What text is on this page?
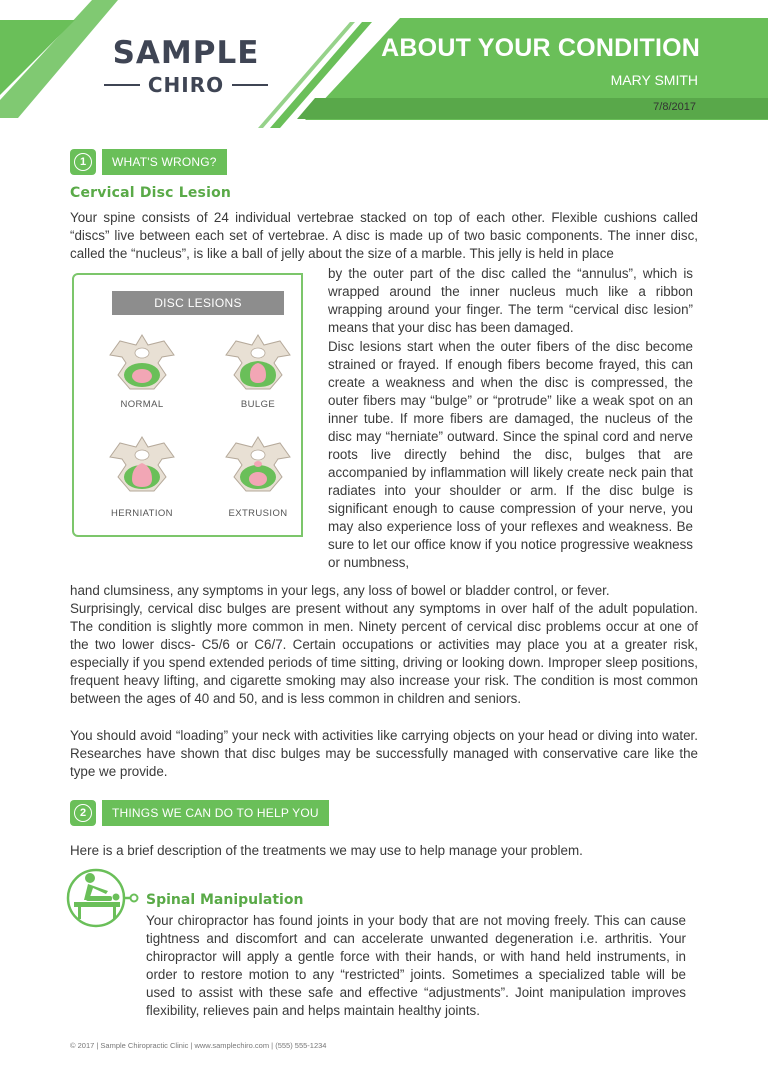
SAMPLE
CHIRO
ABOUT YOUR CONDITION
MARY SMITH
7/8/2017
1	WHAT'S WRONG?
Cervical Disc Lesion
Your spine consists of 24 individual vertebrae stacked on top of each other. Flexible cushions called “discs” live between each set of vertebrae. A disc is made up of two basic components. The inner disc, called the “nucleus”, is like a ball of jelly about the size of a marble. This jelly is held in place
DISC LESIONS
NORMAL	BULGE
HERNIATION	EXTRUSION
by the outer part of the disc called the “annulus”, which is wrapped around the inner nucleus much like a ribbon wrapping around your finger. The term “cervical disc lesion” means that your disc has been damaged.
Disc lesions start when the outer fibers of the disc become strained or frayed. If enough fibers become frayed, this can create a weakness and when the disc is compressed, the outer fibers may “bulge” or “protrude” like a weak spot on an inner tube. If more fibers are damaged, the nucleus of the disc may “herniate” outward. Since the spinal cord and nerve roots live directly behind the disc, bulges that are accompanied by inflammation will likely create neck pain that radiates into your shoulder or arm. If the disc bulge is significant enough to cause compression of your nerve, you may also experience loss of your reflexes and weakness. Be sure to let our office know if you notice progressive weakness or numbness,
hand clumsiness, any symptoms in your legs, any loss of bowel or bladder control, or fever.
Surprisingly, cervical disc bulges are present without any symptoms in over half of the adult population. The condition is slightly more common in men. Ninety percent of cervical disc problems occur at one of the two lower discs- C5/6 or C6/7. Certain occupations or activities may place you at a greater risk, especially if you spend extended periods of time sitting, driving or looking down. Improper sleep positions, frequent heavy lifting, and cigarette smoking may also increase your risk. The condition is most common between the ages of 40 and 50, and is less common in children and seniors.
You should avoid “loading” your neck with activities like carrying objects on your head or diving into water. Researches have shown that disc bulges may be successfully managed with conservative care like the type we provide.
2	THINGS WE CAN DO TO HELP YOU
Here is a brief description of the treatments we may use to help manage your problem.
Spinal Manipulation
Your chiropractor has found joints in your body that are not moving freely. This can cause tightness and discomfort and can accelerate unwanted degeneration i.e. arthritis. Your chiropractor will apply a gentle force with their hands, or with hand held instruments, in order to restore motion to any “restricted” joints. Sometimes a specialized table will be used to assist with these safe and effective “adjustments”. Joint manipulation improves flexibility, relieves pain and helps maintain healthy joints.
© 2017 | Sample Chiropractic Clinic | www.samplechiro.com | (555) 555-1234
